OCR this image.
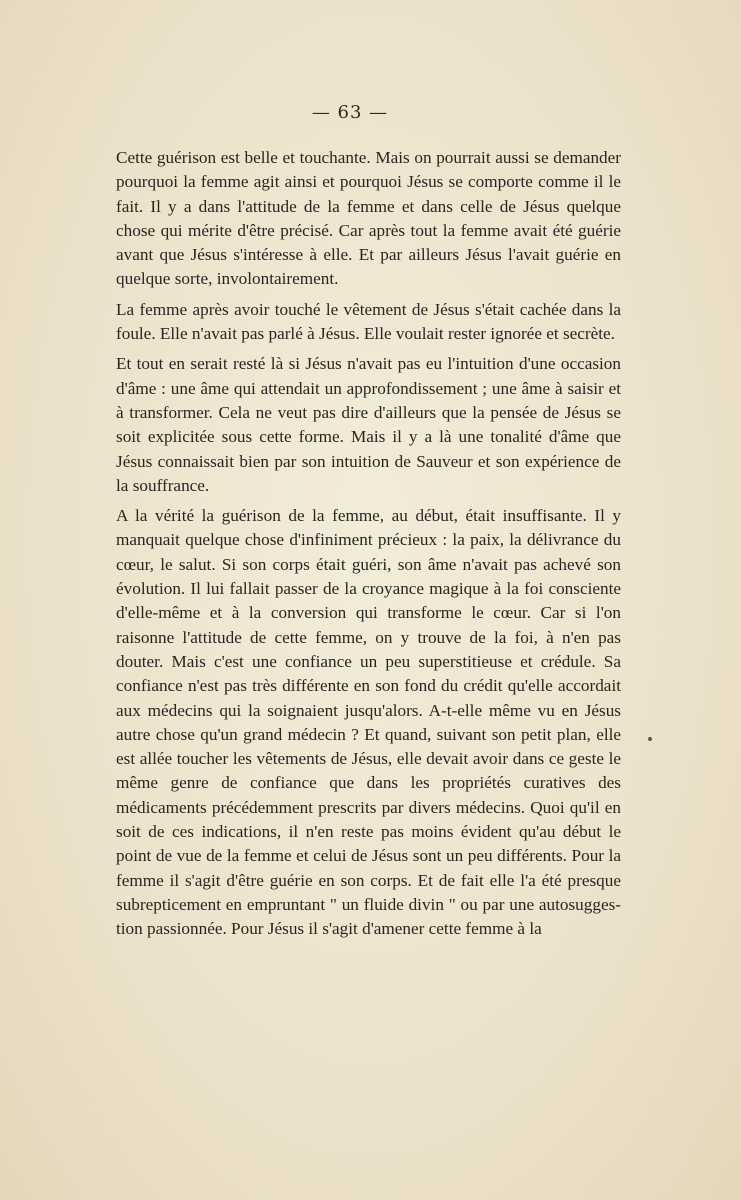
— 63 —

Cette guérison est belle et touchante. Mais on pourrait aussi se demander pourquoi la femme agit ainsi et pourquoi Jésus se comporte comme il le fait. Il y a dans l'attitude de la femme et dans celle de Jésus quelque chose qui mérite d'être précisé. Car après tout la femme avait été guérie avant que Jésus s'intéresse à elle. Et par ailleurs Jésus l'avait guérie en quelque sorte, involontairement.

La femme après avoir touché le vêtement de Jésus s'était cachée dans la foule. Elle n'avait pas parlé à Jésus. Elle voulait rester ignorée et secrète.

Et tout en serait resté là si Jésus n'avait pas eu l'intuition d'une occasion d'âme : une âme qui attendait un approfondissement ; une âme à saisir et à transformer. Cela ne veut pas dire d'ailleurs que la pensée de Jésus se soit explicitée sous cette forme. Mais il y a là une tonalité d'âme que Jésus connaissait bien par son intuition de Sauveur et son expérience de la souffrance.

A la vérité la guérison de la femme, au début, était insuffisante. Il y manquait quelque chose d'infiniment précieux : la paix, la délivrance du cœur, le salut. Si son corps était guéri, son âme n'avait pas achevé son évolution. Il lui fallait passer de la croyance magique à la foi consciente d'elle-même et à la conversion qui transforme le cœur. Car si l'on raisonne l'attitude de cette femme, on y trouve de la foi, à n'en pas douter. Mais c'est une confiance un peu superstitieuse et crédule. Sa confiance n'est pas très différente en son fond du crédit qu'elle accordait aux médecins qui la soignaient jusqu'alors. A-t-elle même vu en Jésus autre chose qu'un grand médecin ? Et quand, suivant son petit plan, elle est allée toucher les vêtements de Jésus, elle devait avoir dans ce geste le même genre de confiance que dans les propriétés curatives des médicaments précédemment prescrits par divers médecins. Quoi qu'il en soit de ces indications, il n'en reste pas moins évident qu'au début le point de vue de la femme et celui de Jésus sont un peu différents. Pour la femme il s'agit d'être guérie en son corps. Et de fait elle l'a été presque subrepticement en empruntant " un fluide divin " ou par une autosuggestion passionnée. Pour Jésus il s'agit d'amener cette femme à la
